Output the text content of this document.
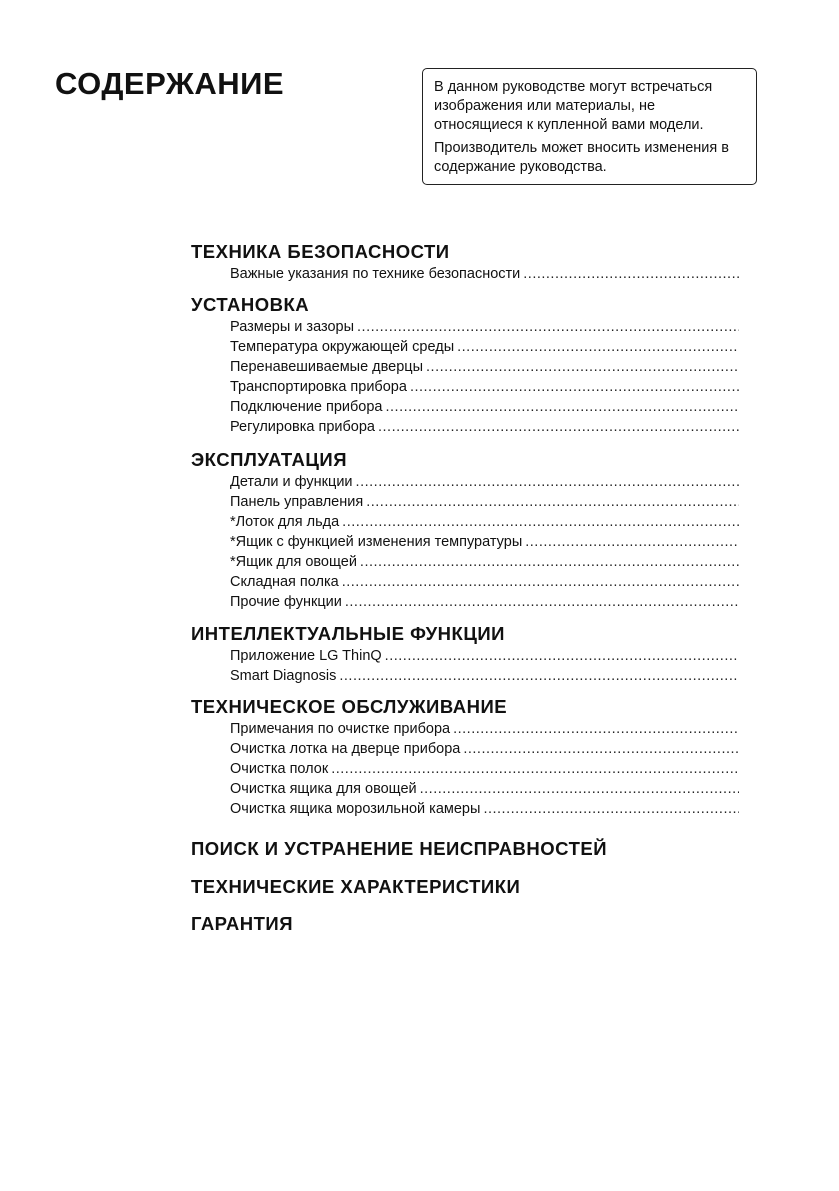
СОДЕРЖАНИЕ	В данном руководстве могут встречаться изображения или материалы, не относящиеся к купленной вами модели.

Производитель может вносить изменения в содержание руководства.

ТЕХНИКА БЕЗОПАСНОСТИ
Важные указания по технике безопасности
.....
УСТАНОВКА
Размеры и зазоры
.....
Температура окружающей среды
.....
Перенавешиваемые дверцы
.....
Транспортировка прибора
.....
Подключение прибора
.....
Регулировка прибора
.....
ЭКСПЛУАТАЦИЯ
Детали и функции
.....
Панель управления
.....
*Лоток для льда
.....
*Ящик с функцией изменения темпуратуры
.....
*Ящик для овощей
.....
Складная полка
.....
Прочие функции
.....
ИНТЕЛЛЕКТУАЛЬНЫЕ ФУНКЦИИ
Приложение LG ThinQ
.....
Smart Diagnosis
.....
ТЕХНИЧЕСКОЕ ОБСЛУЖИВАНИЕ
Примечания по очистке прибора
.....
Очистка лотка на дверце прибора
.....
Очистка полок
.....
Очистка ящика для овощей
.....
Очистка ящика морозильной камеры
.....
ПОИСК И УСТРАНЕНИЕ НЕИСПРАВНОСТЕЙ
ТЕХНИЧЕСКИЕ ХАРАКТЕРИСТИКИ
ГАРАНТИЯ
